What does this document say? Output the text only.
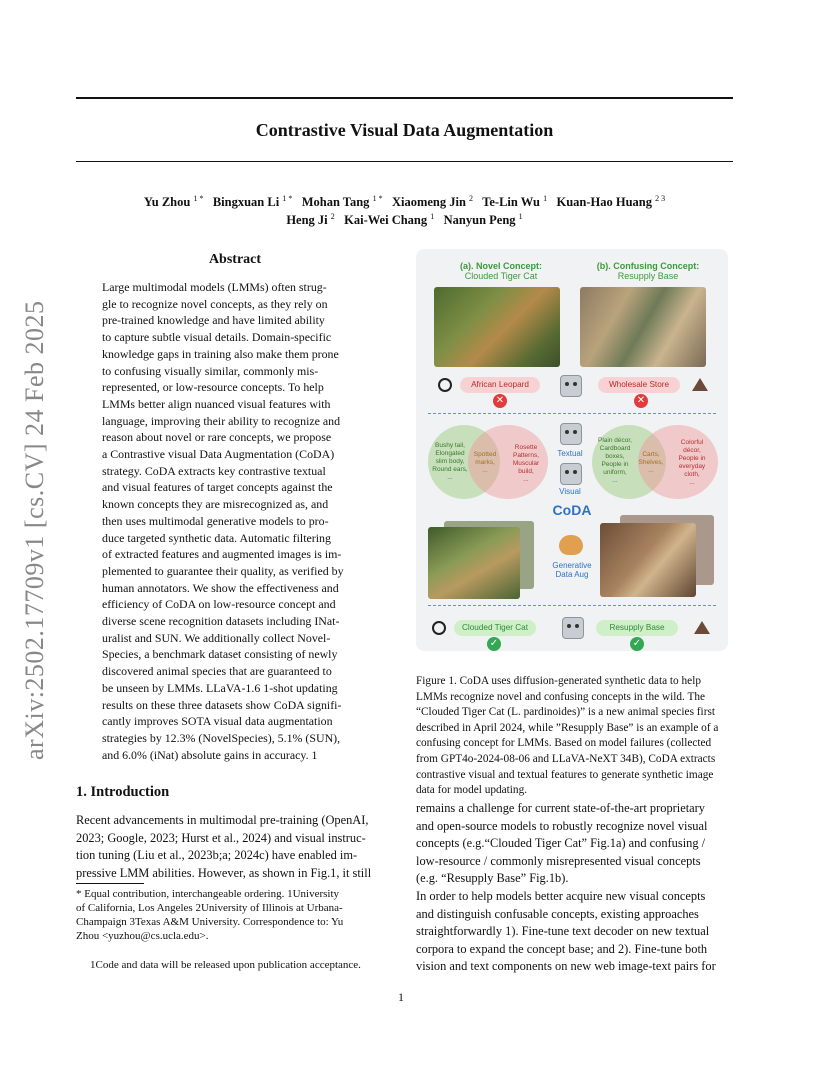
Contrastive Visual Data Augmentation
Yu Zhou $^{1 *}$ Bingxuan Li $^{1 *}$ Mohan Tang $^{1 *}$ Xiaomeng Jin $^2$ Te-Lin Wu $^1$ Kuan-Hao Huang $^{2 3}$
Heng Ji $^2$ Kai-Wei Chang $^1$ Nanyun Peng $^1$
arXiv:2502.17709v1 [cs.CV] 24 Feb 2025
Abstract
Large multimodal models (LMMs) often strug-
gle to recognize novel concepts, as they rely on
pre-trained knowledge and have limited ability
to capture subtle visual details. Domain-specific
knowledge gaps in training also make them prone
to confusing visually similar, commonly mis-
represented, or low-resource concepts. To help
LMMs better align nuanced visual features with
language, improving their ability to recognize and
reason about novel or rare concepts, we propose
a Contrastive visual Data Augmentation (CoDA)
strategy. CoDA extracts key contrastive textual
and visual features of target concepts against the
known concepts they are misrecognized as, and
then uses multimodal generative models to pro-
duce targeted synthetic data. Automatic filtering
of extracted features and augmented images is im-
plemented to guarantee their quality, as verified by
human annotators. We show the effectiveness and
efficiency of CoDA on low-resource concept and
diverse scene recognition datasets including INat-
uralist and SUN. We additionally collect Novel-
Species, a benchmark dataset consisting of newly
discovered animal species that are guaranteed to
be unseen by LMMs. LLaVA-1.6 1-shot updating
results on these three datasets show CoDA signifi-
cantly improves SOTA visual data augmentation
strategies by 12.3% (NovelSpecies), 5.1% (SUN),
and 6.0% (iNat) absolute gains in accuracy. 1
1. Introduction
Recent advancements in multimodal pre-training (OpenAI,
2023; Google, 2023; Hurst et al., 2024) and visual instruc-
tion tuning (Liu et al., 2023b;a; 2024c) have enabled im-
pressive LMM abilities. However, as shown in Fig.1, it still
* Equal contribution, interchangeable ordering. 1University
of California, Los Angeles 2University of Illinois at Urbana-
Champaign 3Texas A&M University. Correspondence to: Yu
Zhou <yuzhou@cs.ucla.edu>.
1Code and data will be released upon publication acceptance.
1
(a). Novel Concept:
Clouded Tiger Cat
(b). Confusing Concept:
Resupply Base
African Leopard
✕
Wholesale Store
✕
Bushy tail,
Elongated
slim body,
Round ears,
...
Spotted
marks,
...
Rosette
Patterns,
Muscular
build,
...
Textual
Visual
Plain décor,
Cardboard
boxes,
People in
uniform,
...
Carts,
Shelves,
...
Colorful
décor,
People in
everyday
cloth,
...
CoDA
Generative
Data Aug
Clouded Tiger Cat
✓
Resupply Base
✓
Figure 1. CoDA uses diffusion-generated synthetic data to help
LMMs recognize novel and confusing concepts in the wild. The
“Clouded Tiger Cat (L. pardinoides)” is a new animal species first
described in April 2024, while ”Resupply Base” is an example of a
confusing concept for LMMs. Based on model failures (collected
from GPT4o-2024-08-06 and LLaVA-NeXT 34B), CoDA extracts
contrastive visual and textual features to generate synthetic image
data for model updating.
remains a challenge for current state-of-the-art proprietary
and open-source models to robustly recognize novel visual
concepts (e.g.“Clouded Tiger Cat” Fig.1a) and confusing /
low-resource / commonly misrepresented visual concepts
(e.g. “Resupply Base” Fig.1b).
In order to help models better acquire new visual concepts
and distinguish confusable concepts, existing approaches
straightforwardly 1). Fine-tune text decoder on new textual
corpora to expand the concept base; and 2). Fine-tune both
vision and text components on new web image-text pairs for
